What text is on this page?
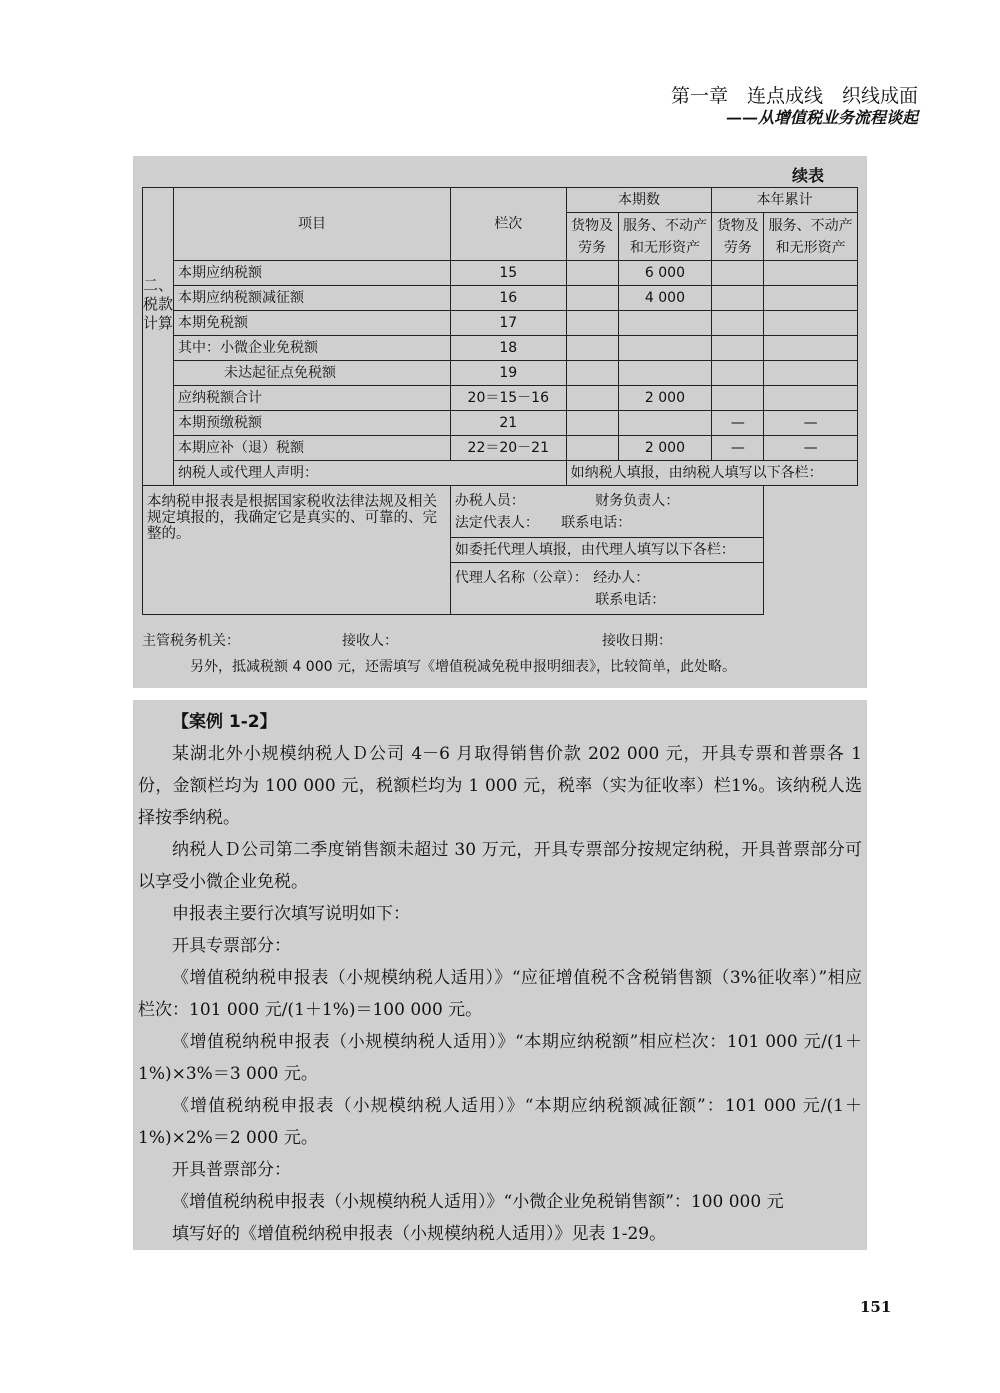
第一章　连点成线　织线成面
——从增值税业务流程谈起
续表
二、税款计算	项目	栏次	本期数		本年累计	
			货物及劳务	服务、不动产和无形资产	货物及劳务	服务、不动产和无形资产
	本期应纳税额	15		6 000		
	本期应纳税额减征额	16		4 000		
	本期免税额	17				
	其中：小微企业免税额	18				
	未达起征点免税额	19				
	应纳税额合计	20＝15－16		2 000		
	本期预缴税额	21			—	—
	本期应补（退）税额	22＝20－21		2 000	—	—
	纳税人或代理人声明：		如纳税人填报，由纳税人填写以下各栏：			
本纳税申报表是根据国家税收法律法规及相关规定填报的，我确定它是真实的、可靠的、完整的。		办税人员： 财务负责人：
法定代表人： 联系电话：				

		如委托代理人填报，由代理人填写以下各栏：				

		代理人名称（公章）： 经办人：
联系电话：				
主管税务机关：	接收人：	接收日期：
另外，抵减税额 4 000 元，还需填写《增值税减免税申报明细表》，比较简单，此处略。

【案例 1-2】

某湖北外小规模纳税人Ｄ公司 4－6 月取得销售价款 202 000 元，开具专票和普票各 1 份，金额栏均为 100 000 元，税额栏均为 1 000 元，税率（实为征收率）栏1%。该纳税人选择按季纳税。

纳税人Ｄ公司第二季度销售额未超过 30 万元，开具专票部分按规定纳税，开具普票部分可以享受小微企业免税。

申报表主要行次填写说明如下：

开具专票部分：

《增值税纳税申报表（小规模纳税人适用）》“应征增值税不含税销售额（3%征收率）”相应栏次：101 000 元/(1＋1%)＝100 000 元。

《增值税纳税申报表（小规模纳税人适用）》“本期应纳税额”相应栏次：101 000 元/(1＋1%)×3%＝3 000 元。

《增值税纳税申报表（小规模纳税人适用）》“本期应纳税额减征额”：101 000 元/(1＋1%)×2%＝2 000 元。

开具普票部分：

《增值税纳税申报表（小规模纳税人适用）》“小微企业免税销售额”：100 000 元

填写好的《增值税纳税申报表（小规模纳税人适用）》见表 1-29。

151
